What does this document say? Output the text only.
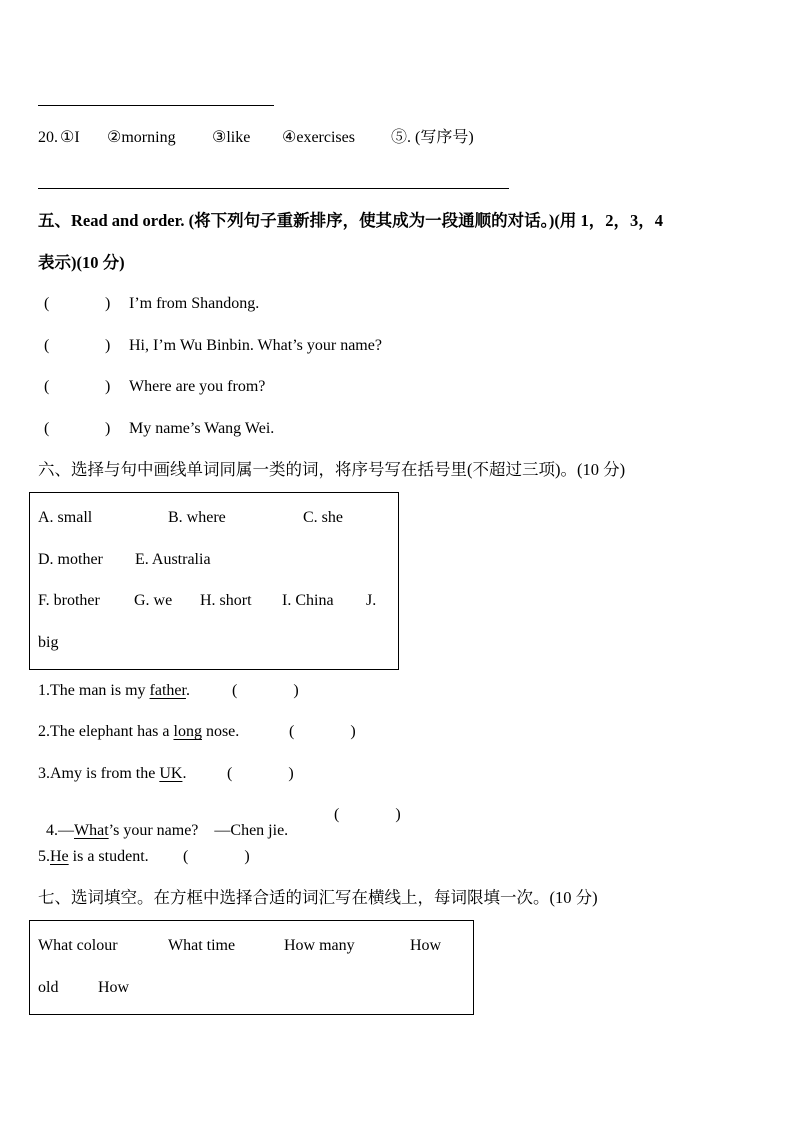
20. ①I ②morning ③like ④exercises ⑤. (写序号)
五、Read and order. (将下列句子重新排序，使其成为一段通顺的对话。)(用 1，2，3，4
表示)(10 分)
(	) I’m from Shandong.
(	) Hi, I’m Wu Binbin. What’s your name?
(	) Where are you from?
(	) My name’s Wang Wei.
六、选择与句中画线单词同属一类的词，将序号写在括号里(不超过三项)。(10 分)
A. small	B. where	C. she
D. mother E. Australia
F. brother G. we H. short I. China J.
big
1.The man is my father.	(              )
2.The elephant has a long nose.	(              )
3.Amy is from the UK.	(              )

4.—What’s your name?    —Chen jie.

(              )
5.He is a student. (              )
七、选词填空。在方框中选择合适的词汇写在横线上，每词限填一次。(10 分)
What colour	What time	How many	How
old How
